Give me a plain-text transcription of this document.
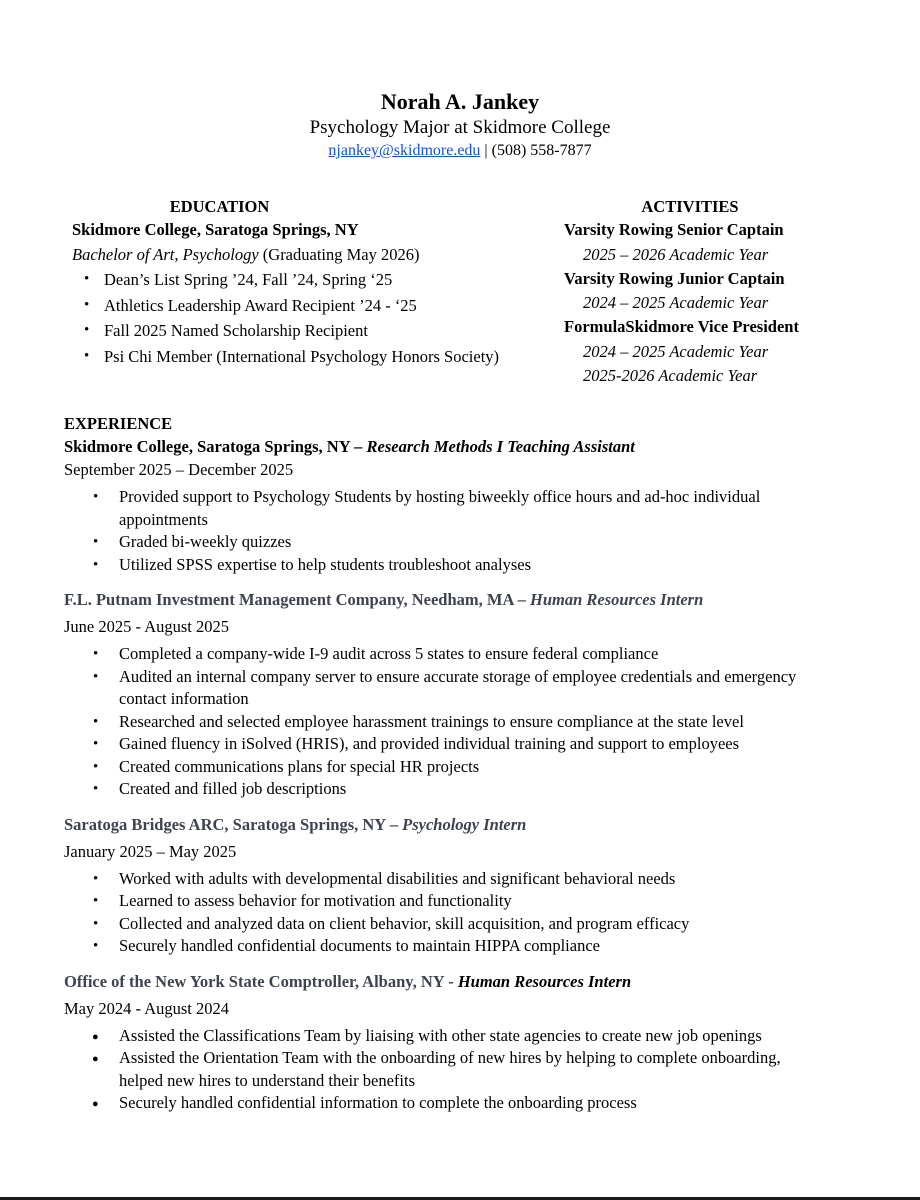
Norah A. Jankey
Psychology Major at Skidmore College
njankey@skidmore.edu | (508) 558-7877
EDUCATION
Skidmore College, Saratoga Springs, NY
Bachelor of Art, Psychology (Graduating May 2026)
• Dean’s List Spring ’24, Fall ’24, Spring ‘25
• Athletics Leadership Award Recipient ’24 - ‘25
• Fall 2025 Named Scholarship Recipient
• Psi Chi Member (International Psychology Honors Society)
ACTIVITIES
Varsity Rowing Senior Captain
2025 – 2026 Academic Year
Varsity Rowing Junior Captain
2024 – 2025 Academic Year
FormulaSkidmore Vice President
2024 – 2025 Academic Year
2025-2026 Academic Year
EXPERIENCE
Skidmore College, Saratoga Springs, NY – Research Methods I Teaching Assistant
September 2025 – December 2025
• Provided support to Psychology Students by hosting biweekly office hours and ad-hoc individual appointments
• Graded bi-weekly quizzes
• Utilized SPSS expertise to help students troubleshoot analyses
F.L. Putnam Investment Management Company, Needham, MA – Human Resources Intern
June 2025 - August 2025
• Completed a company-wide I-9 audit across 5 states to ensure federal compliance
• Audited an internal company server to ensure accurate storage of employee credentials and emergency contact information
• Researched and selected employee harassment trainings to ensure compliance at the state level
• Gained fluency in iSolved (HRIS), and provided individual training and support to employees
• Created communications plans for special HR projects
• Created and filled job descriptions
Saratoga Bridges ARC, Saratoga Springs, NY – Psychology Intern
January 2025 – May 2025
• Worked with adults with developmental disabilities and significant behavioral needs
• Learned to assess behavior for motivation and functionality
• Collected and analyzed data on client behavior, skill acquisition, and program efficacy
• Securely handled confidential documents to maintain HIPPA compliance
Office of the New York State Comptroller, Albany, NY - Human Resources Intern
May 2024 - August 2024
● Assisted the Classifications Team by liaising with other state agencies to create new job openings
● Assisted the Orientation Team with the onboarding of new hires by helping to complete onboarding, helped new hires to understand their benefits
● Securely handled confidential information to complete the onboarding process
